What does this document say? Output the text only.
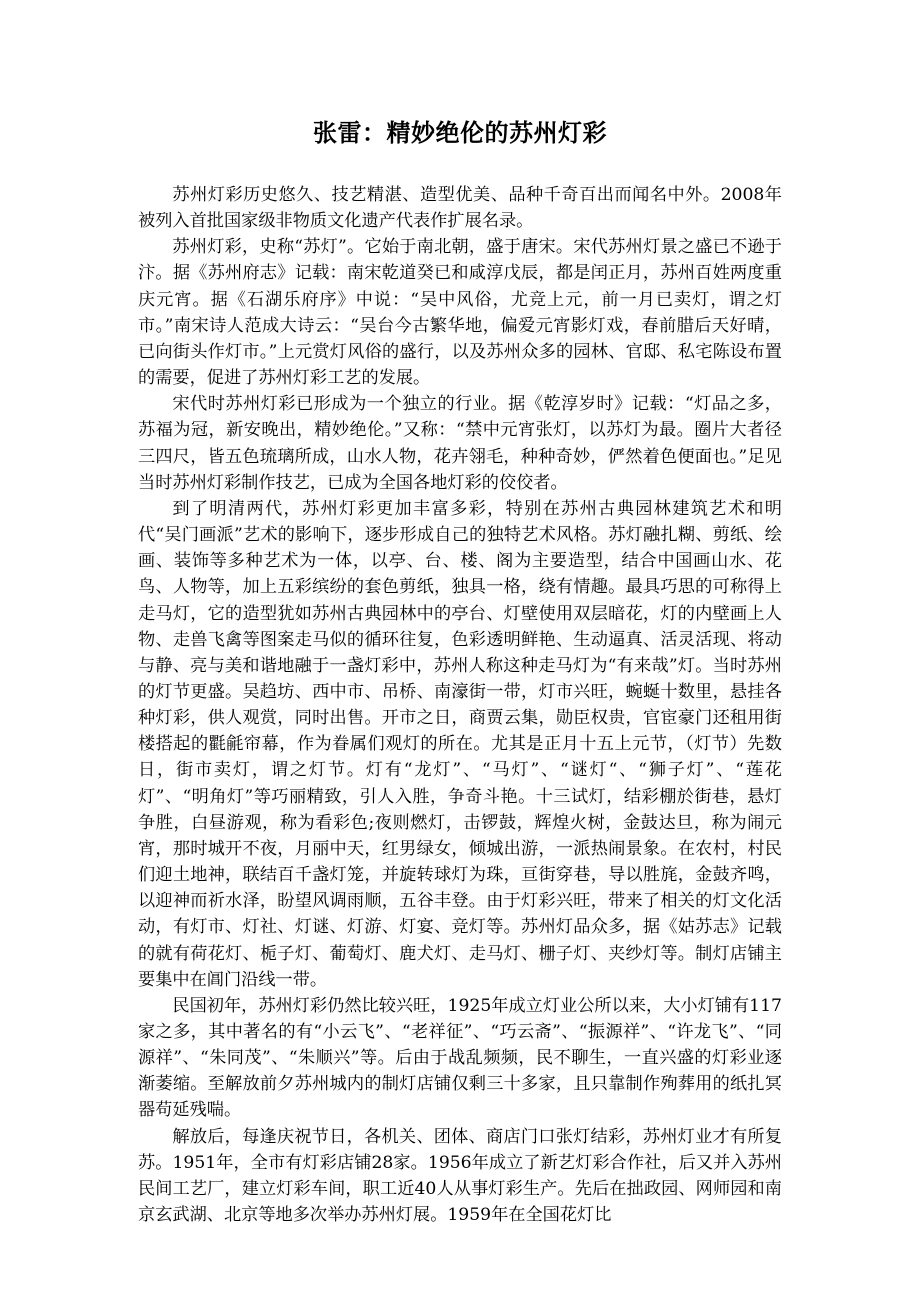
张雷：精妙绝伦的苏州灯彩

苏州灯彩历史悠久、技艺精湛、造型优美、品种千奇百出而闻名中外。2008年被列入首批国家级非物质文化遗产代表作扩展名录。

苏州灯彩，史称“苏灯”。它始于南北朝，盛于唐宋。宋代苏州灯景之盛已不逊于汴。据《苏州府志》记载：南宋乾道癸已和咸淳戊辰，都是闰正月，苏州百姓两度重庆元宵。据《石湖乐府序》中说：“吴中风俗，尤竞上元，前一月已卖灯，谓之灯市。”南宋诗人范成大诗云：“吴台今古繁华地，偏爱元宵影灯戏，春前腊后天好晴，已向街头作灯市。”上元赏灯风俗的盛行，以及苏州众多的园林、官邸、私宅陈设布置的需要，促进了苏州灯彩工艺的发展。

宋代时苏州灯彩已形成为一个独立的行业。据《乾淳岁时》记载：“灯品之多，苏福为冠，新安晚出，精妙绝伦。”又称：“禁中元宵张灯，以苏灯为最。圈片大者径三四尺，皆五色琉璃所成，山水人物，花卉翎毛，种种奇妙，俨然着色便面也。”足见当时苏州灯彩制作技艺，已成为全国各地灯彩的佼佼者。

到了明清两代，苏州灯彩更加丰富多彩，特别在苏州古典园林建筑艺术和明代“吴门画派”艺术的影响下，逐步形成自己的独特艺术风格。苏灯融扎糊、剪纸、绘画、装饰等多种艺术为一体，以亭、台、楼、阁为主要造型，结合中国画山水、花鸟、人物等，加上五彩缤纷的套色剪纸，独具一格，绕有情趣。最具巧思的可称得上走马灯，它的造型犹如苏州古典园林中的亭台、灯壁使用双层暗花，灯的内壁画上人物、走兽飞禽等图案走马似的循环往复，色彩透明鲜艳、生动逼真、活灵活现、将动与静、亮与美和谐地融于一盏灯彩中，苏州人称这种走马灯为“有来哉”灯。当时苏州的灯节更盛。吴趋坊、西中市、吊桥、南濠街一带，灯市兴旺，蜿蜒十数里，悬挂各种灯彩，供人观赏，同时出售。开市之日，商贾云集，勋臣权贵，官宦豪门还租用街楼搭起的氍毹帘幕，作为眷属们观灯的所在。尤其是正月十五上元节，（灯节）先数日，街市卖灯，谓之灯节。灯有“龙灯”、“马灯”、“谜灯“、“狮子灯”、“莲花灯”、“明角灯”等巧丽精致，引人入胜，争奇斗艳。十三试灯，结彩棚於街巷，悬灯争胜，白昼游观，称为看彩色;夜则燃灯，击锣鼓，辉煌火树，金鼓达旦，称为闹元宵，那时城开不夜，月丽中天，红男绿女，倾城出游，一派热闹景象。在农村，村民们迎土地神，联结百千盏灯笼，并旋转球灯为珠，亘街穿巷，导以胜旄，金鼓齐鸣，以迎神而祈水泽，盼望风调雨顺，五谷丰登。由于灯彩兴旺，带来了相关的灯文化活动，有灯市、灯社、灯谜、灯游、灯宴、竞灯等。苏州灯品众多，据《姑苏志》记载的就有荷花灯、栀子灯、葡萄灯、鹿犬灯、走马灯、栅子灯、夹纱灯等。制灯店铺主要集中在阊门沿线一带。

民国初年，苏州灯彩仍然比较兴旺，1925年成立灯业公所以来，大小灯铺有117家之多，其中著名的有“小云飞”、“老祥征”、“巧云斋”、“振源祥”、“许龙飞”、“同源祥”、“朱同茂”、“朱顺兴”等。后由于战乱频频，民不聊生，一直兴盛的灯彩业逐渐萎缩。至解放前夕苏州城内的制灯店铺仅剩三十多家，且只靠制作殉葬用的纸扎冥器苟延残喘。

解放后，每逢庆祝节日，各机关、团体、商店门口张灯结彩，苏州灯业才有所复苏。1951年，全市有灯彩店铺28家。1956年成立了新艺灯彩合作社，后又并入苏州民间工艺厂，建立灯彩车间，职工近40人从事灯彩生产。先后在拙政园、网师园和南京玄武湖、北京等地多次举办苏州灯展。1959年在全国花灯比
